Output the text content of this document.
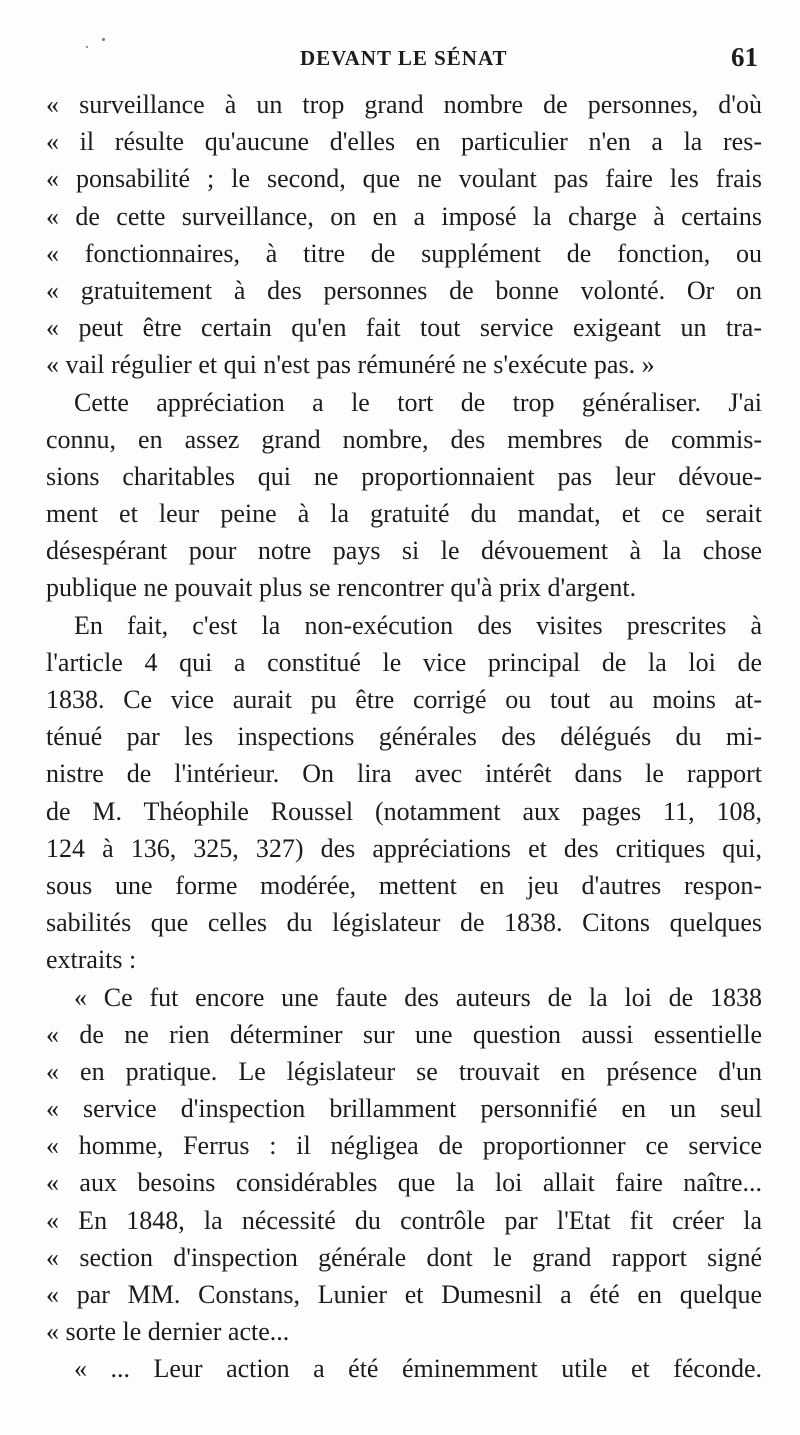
DEVANT LE SÉNAT	61
« surveillance à un trop grand nombre de personnes, d'où
« il résulte qu'aucune d'elles en particulier n'en a la res-
« ponsabilité ; le second, que ne voulant pas faire les frais
« de cette surveillance, on en a imposé la charge à certains
« fonctionnaires, à titre de supplément de fonction, ou
« gratuitement à des personnes de bonne volonté. Or on
« peut être certain qu'en fait tout service exigeant un tra-
« vail régulier et qui n'est pas rémunéré ne s'exécute pas. »
Cette appréciation a le tort de trop généraliser. J'ai
connu, en assez grand nombre, des membres de commis-
sions charitables qui ne proportionnaient pas leur dévoue-
ment et leur peine à la gratuité du mandat, et ce serait
désespérant pour notre pays si le dévouement à la chose
publique ne pouvait plus se rencontrer qu'à prix d'argent.
En fait, c'est la non-exécution des visites prescrites à
l'article 4 qui a constitué le vice principal de la loi de
1838. Ce vice aurait pu être corrigé ou tout au moins at-
ténué par les inspections générales des délégués du mi-
nistre de l'intérieur. On lira avec intérêt dans le rapport
de M. Théophile Roussel (notamment aux pages 11, 108,
124 à 136, 325, 327) des appréciations et des critiques qui,
sous une forme modérée, mettent en jeu d'autres respon-
sabilités que celles du législateur de 1838. Citons quelques
extraits :
« Ce fut encore une faute des auteurs de la loi de 1838
« de ne rien déterminer sur une question aussi essentielle
« en pratique. Le législateur se trouvait en présence d'un
« service d'inspection brillamment personnifié en un seul
« homme, Ferrus : il négligea de proportionner ce service
« aux besoins considérables que la loi allait faire naître...
« En 1848, la nécessité du contrôle par l'Etat fit créer la
« section d'inspection générale dont le grand rapport signé
« par MM. Constans, Lunier et Dumesnil a été en quelque
« sorte le dernier acte...
« ... Leur action a été éminemment utile et féconde.
